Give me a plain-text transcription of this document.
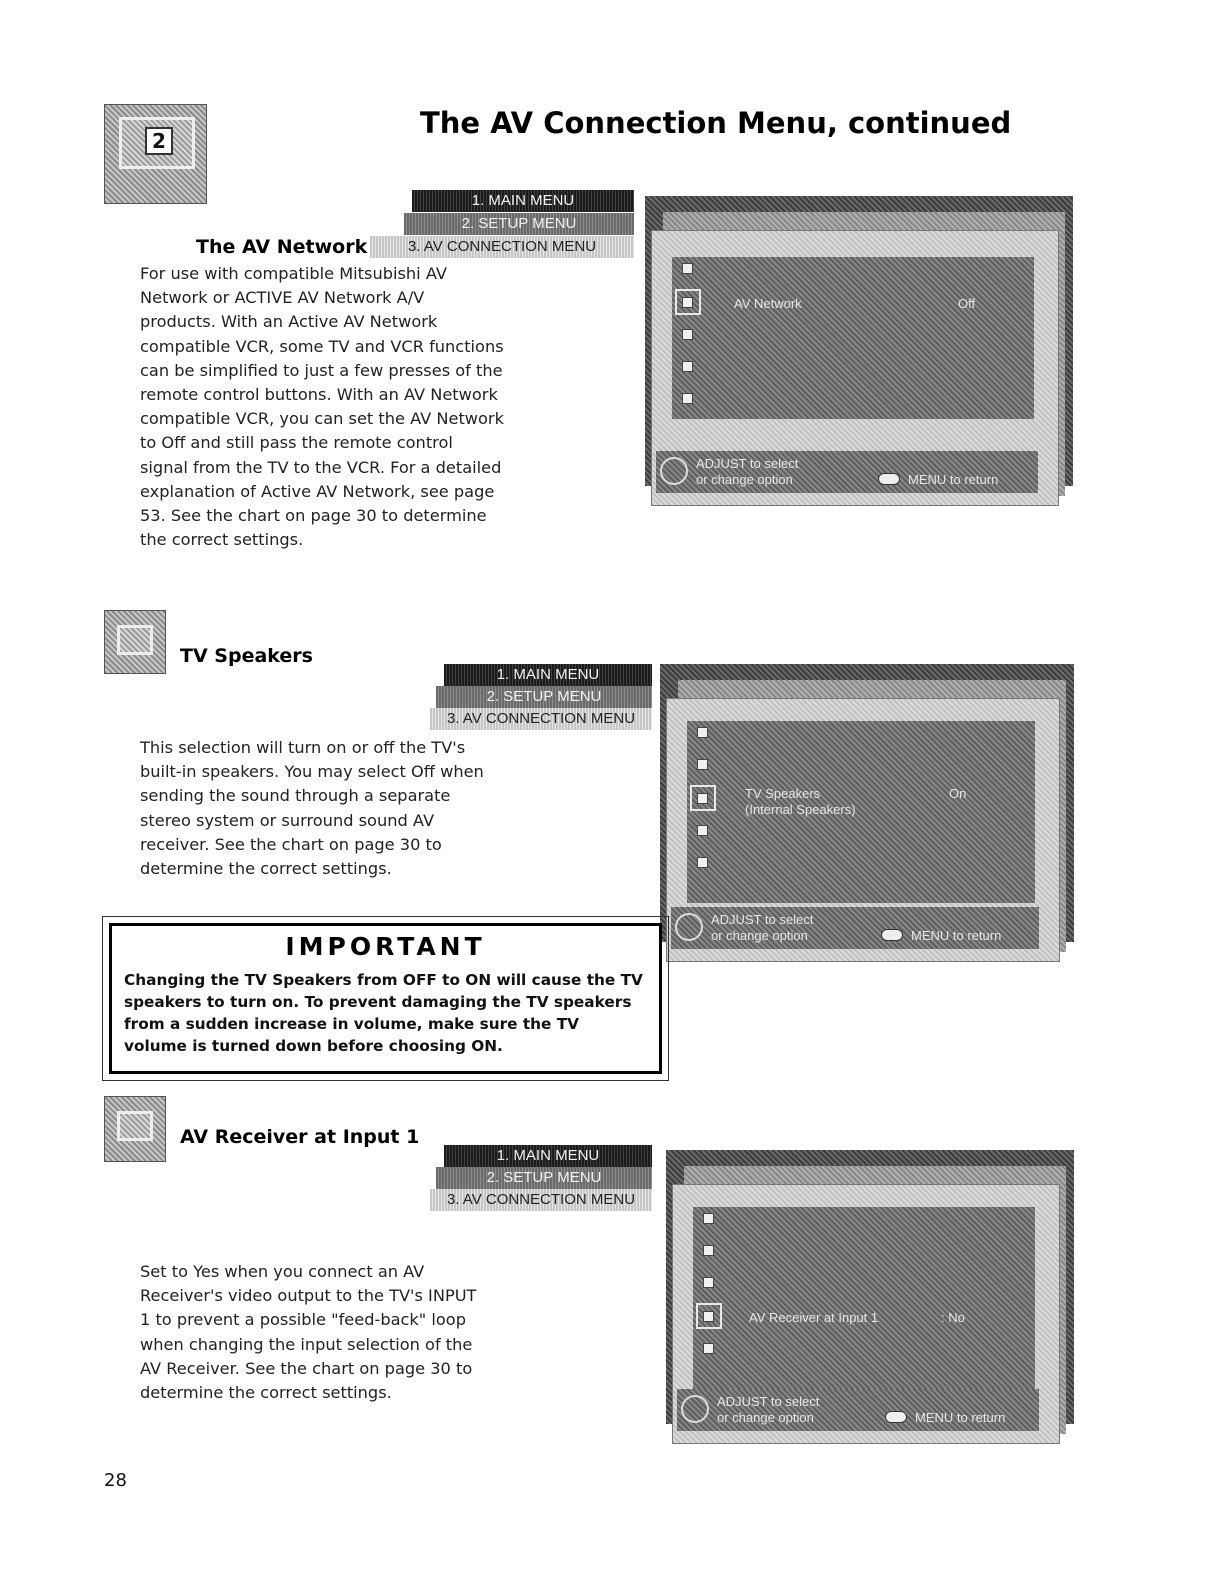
2
The AV Connection Menu, continued
The AV Network
1. MAIN MENU
2. SETUP MENU
3. AV CONNECTION MENU
For use with compatible Mitsubishi AV Network or ACTIVE AV Network A/V products. With an Active AV Network compatible VCR, some TV and VCR functions can be simplified to just a few presses of the remote control buttons. With an AV Network compatible VCR, you can set the AV Network to Off and still pass the remote control signal from the TV to the VCR. For a detailed explanation of Active AV Network, see page 53. See the chart on page 30 to determine the correct settings.
AV Network	Off
ADJUST to select
or change option	MENU to return
TV Speakers
1. MAIN MENU
2. SETUP MENU
3. AV CONNECTION MENU
This selection will turn on or off the TV's built-in speakers. You may select Off when sending the sound through a separate stereo system or surround sound AV receiver. See the chart on page 30 to determine the correct settings.
TV Speakers
(Internal Speakers)
On
ADJUST to select
or change option	MENU to return
IMPORTANT
Changing the TV Speakers from OFF to ON will cause the TV speakers to turn on. To prevent damaging the TV speakers from a sudden increase in volume, make sure the TV volume is turned down before choosing ON.
AV Receiver at Input 1
1. MAIN MENU
2. SETUP MENU
3. AV CONNECTION MENU
Set to Yes when you connect an AV Receiver's video output to the TV's INPUT 1 to prevent a possible "feed-back" loop when changing the input selection of the AV Receiver. See the chart on page 30 to determine the correct settings.
AV Receiver at Input 1	: No
ADJUST to select
or change option	MENU to return
28
